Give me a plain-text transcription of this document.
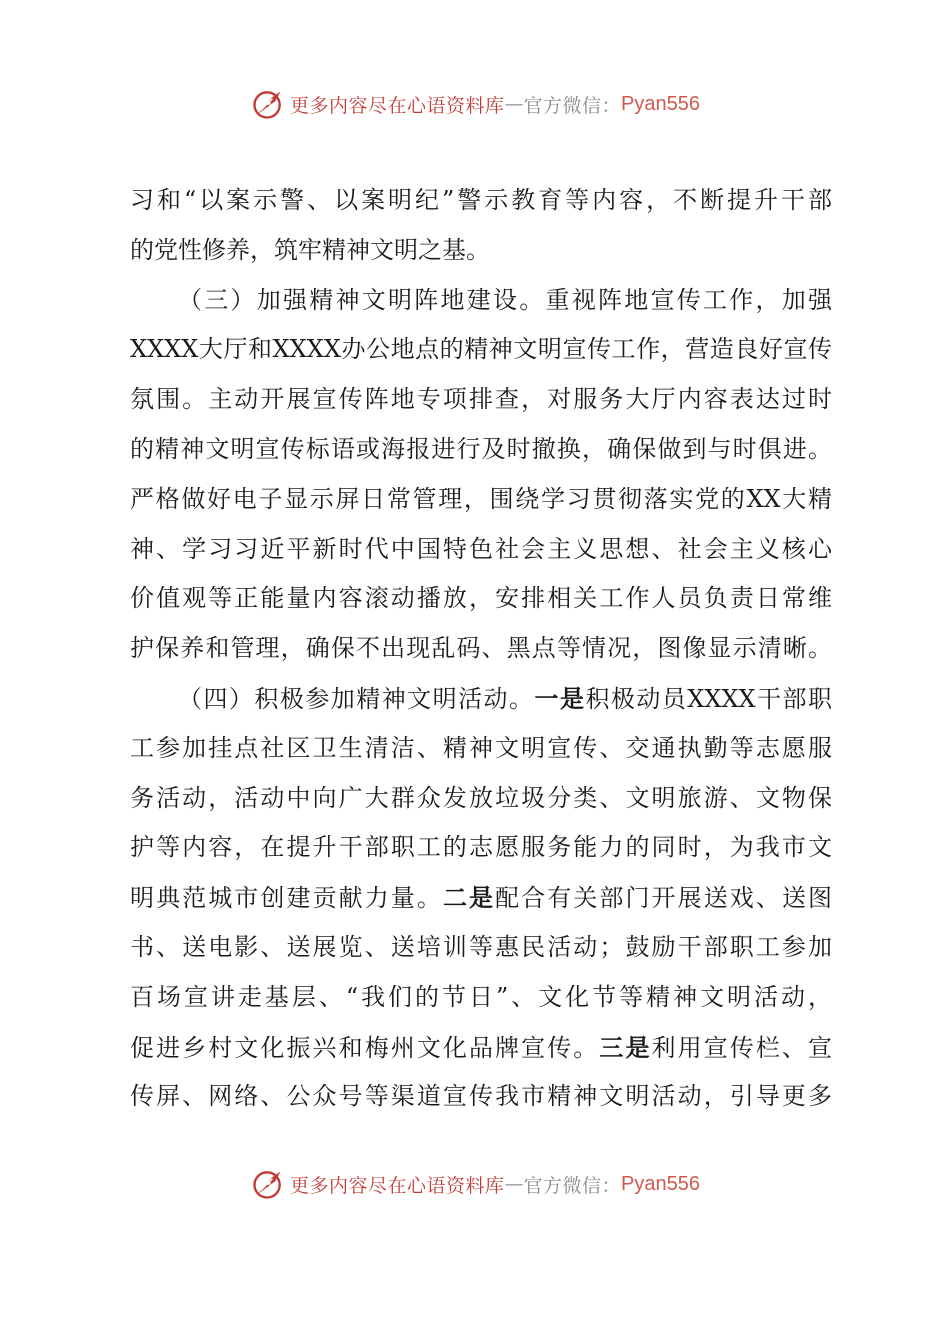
更多内容尽在心语资料库 — 官方微信： Pyan556
习和“以案示警、以案明纪”警示教育等内容，不断提升干部
的党性修养，筑牢精神文明之基。
（三）加强精神文明阵地建设。重视阵地宣传工作，加强
XXXX大厅和XXXX办公地点的精神文明宣传工作，营造良好宣传
氛围。主动开展宣传阵地专项排查，对服务大厅内容表达过时
的精神文明宣传标语或海报进行及时撤换，确保做到与时俱进。
严格做好电子显示屏日常管理，围绕学习贯彻落实党的XX大精
神、学习习近平新时代中国特色社会主义思想、社会主义核心
价值观等正能量内容滚动播放，安排相关工作人员负责日常维
护保养和管理，确保不出现乱码、黑点等情况，图像显示清晰。
（四）积极参加精神文明活动。一是积极动员XXXX干部职
工参加挂点社区卫生清洁、精神文明宣传、交通执勤等志愿服
务活动，活动中向广大群众发放垃圾分类、文明旅游、文物保
护等内容，在提升干部职工的志愿服务能力的同时，为我市文
明典范城市创建贡献力量。二是配合有关部门开展送戏、送图
书、送电影、送展览、送培训等惠民活动；鼓励干部职工参加
百场宣讲走基层、“我们的节日”、文化节等精神文明活动，
促进乡村文化振兴和梅州文化品牌宣传。三是利用宣传栏、宣
传屏、网络、公众号等渠道宣传我市精神文明活动，引导更多
更多内容尽在心语资料库 — 官方微信： Pyan556
